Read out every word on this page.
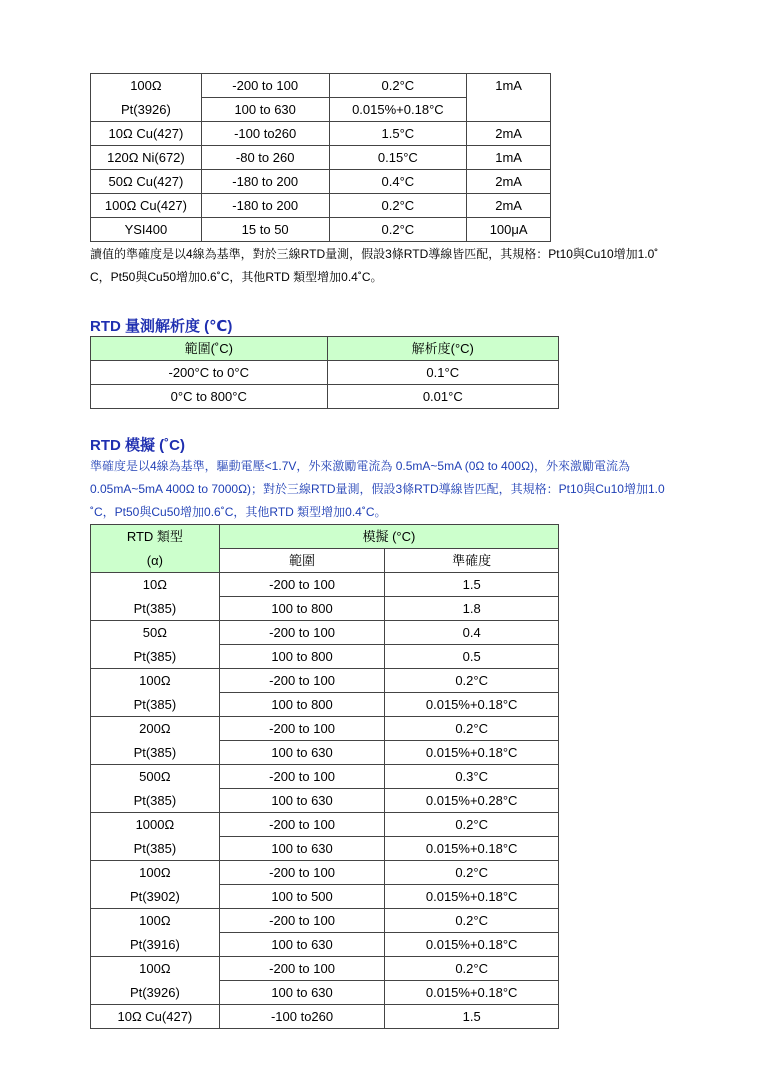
100Ω	-200 to 100	0.2°C	1mA
Pt(3926)	100 to 630	0.015%+0.18°C	
10Ω Cu(427)	-100 to260	1.5°C	2mA
120Ω Ni(672)	-80 to 260	0.15°C	1mA
50Ω Cu(427)	-180 to 200	0.4°C	2mA
100Ω Cu(427)	-180 to 200	0.2°C	2mA
YSI400	15 to 50	0.2°C	100μA
讀值的準確度是以4線為基準，對於三線RTD量測，假設3條RTD導線皆匹配，其規格：Pt10與Cu10增加1.0˚
C，Pt50與Cu50增加0.6˚C，其他RTD 類型增加0.4˚C。
RTD 量測解析度 (℃)
範圍(˚C)	解析度(°C)
-200°C to 0°C	0.1°C
0°C to 800°C	0.01°C
RTD 模擬 (˚C)
準確度是以4線為基準，驅動電壓<1.7V，外來激勵電流為 0.5mA~5mA (0Ω to 400Ω)，外來激勵電流為
0.05mA~5mA 400Ω to 7000Ω)；對於三線RTD量測，假設3條RTD導線皆匹配，其規格：Pt10與Cu10增加1.0
˚C，Pt50與Cu50增加0.6˚C，其他RTD 類型增加0.4˚C。
RTD 類型	模擬 (°C)	
(α)	範圍	準確度
10Ω	-200 to 100	1.5
Pt(385)	100 to 800	1.8
50Ω	-200 to 100	0.4
Pt(385)	100 to 800	0.5
100Ω	-200 to 100	0.2°C
Pt(385)	100 to 800	0.015%+0.18°C
200Ω	-200 to 100	0.2°C
Pt(385)	100 to 630	0.015%+0.18°C
500Ω	-200 to 100	0.3°C
Pt(385)	100 to 630	0.015%+0.28°C
1000Ω	-200 to 100	0.2°C
Pt(385)	100 to 630	0.015%+0.18°C
100Ω	-200 to 100	0.2°C
Pt(3902)	100 to 500	0.015%+0.18°C
100Ω	-200 to 100	0.2°C
Pt(3916)	100 to 630	0.015%+0.18°C
100Ω	-200 to 100	0.2°C
Pt(3926)	100 to 630	0.015%+0.18°C
10Ω Cu(427)	-100 to260	1.5
